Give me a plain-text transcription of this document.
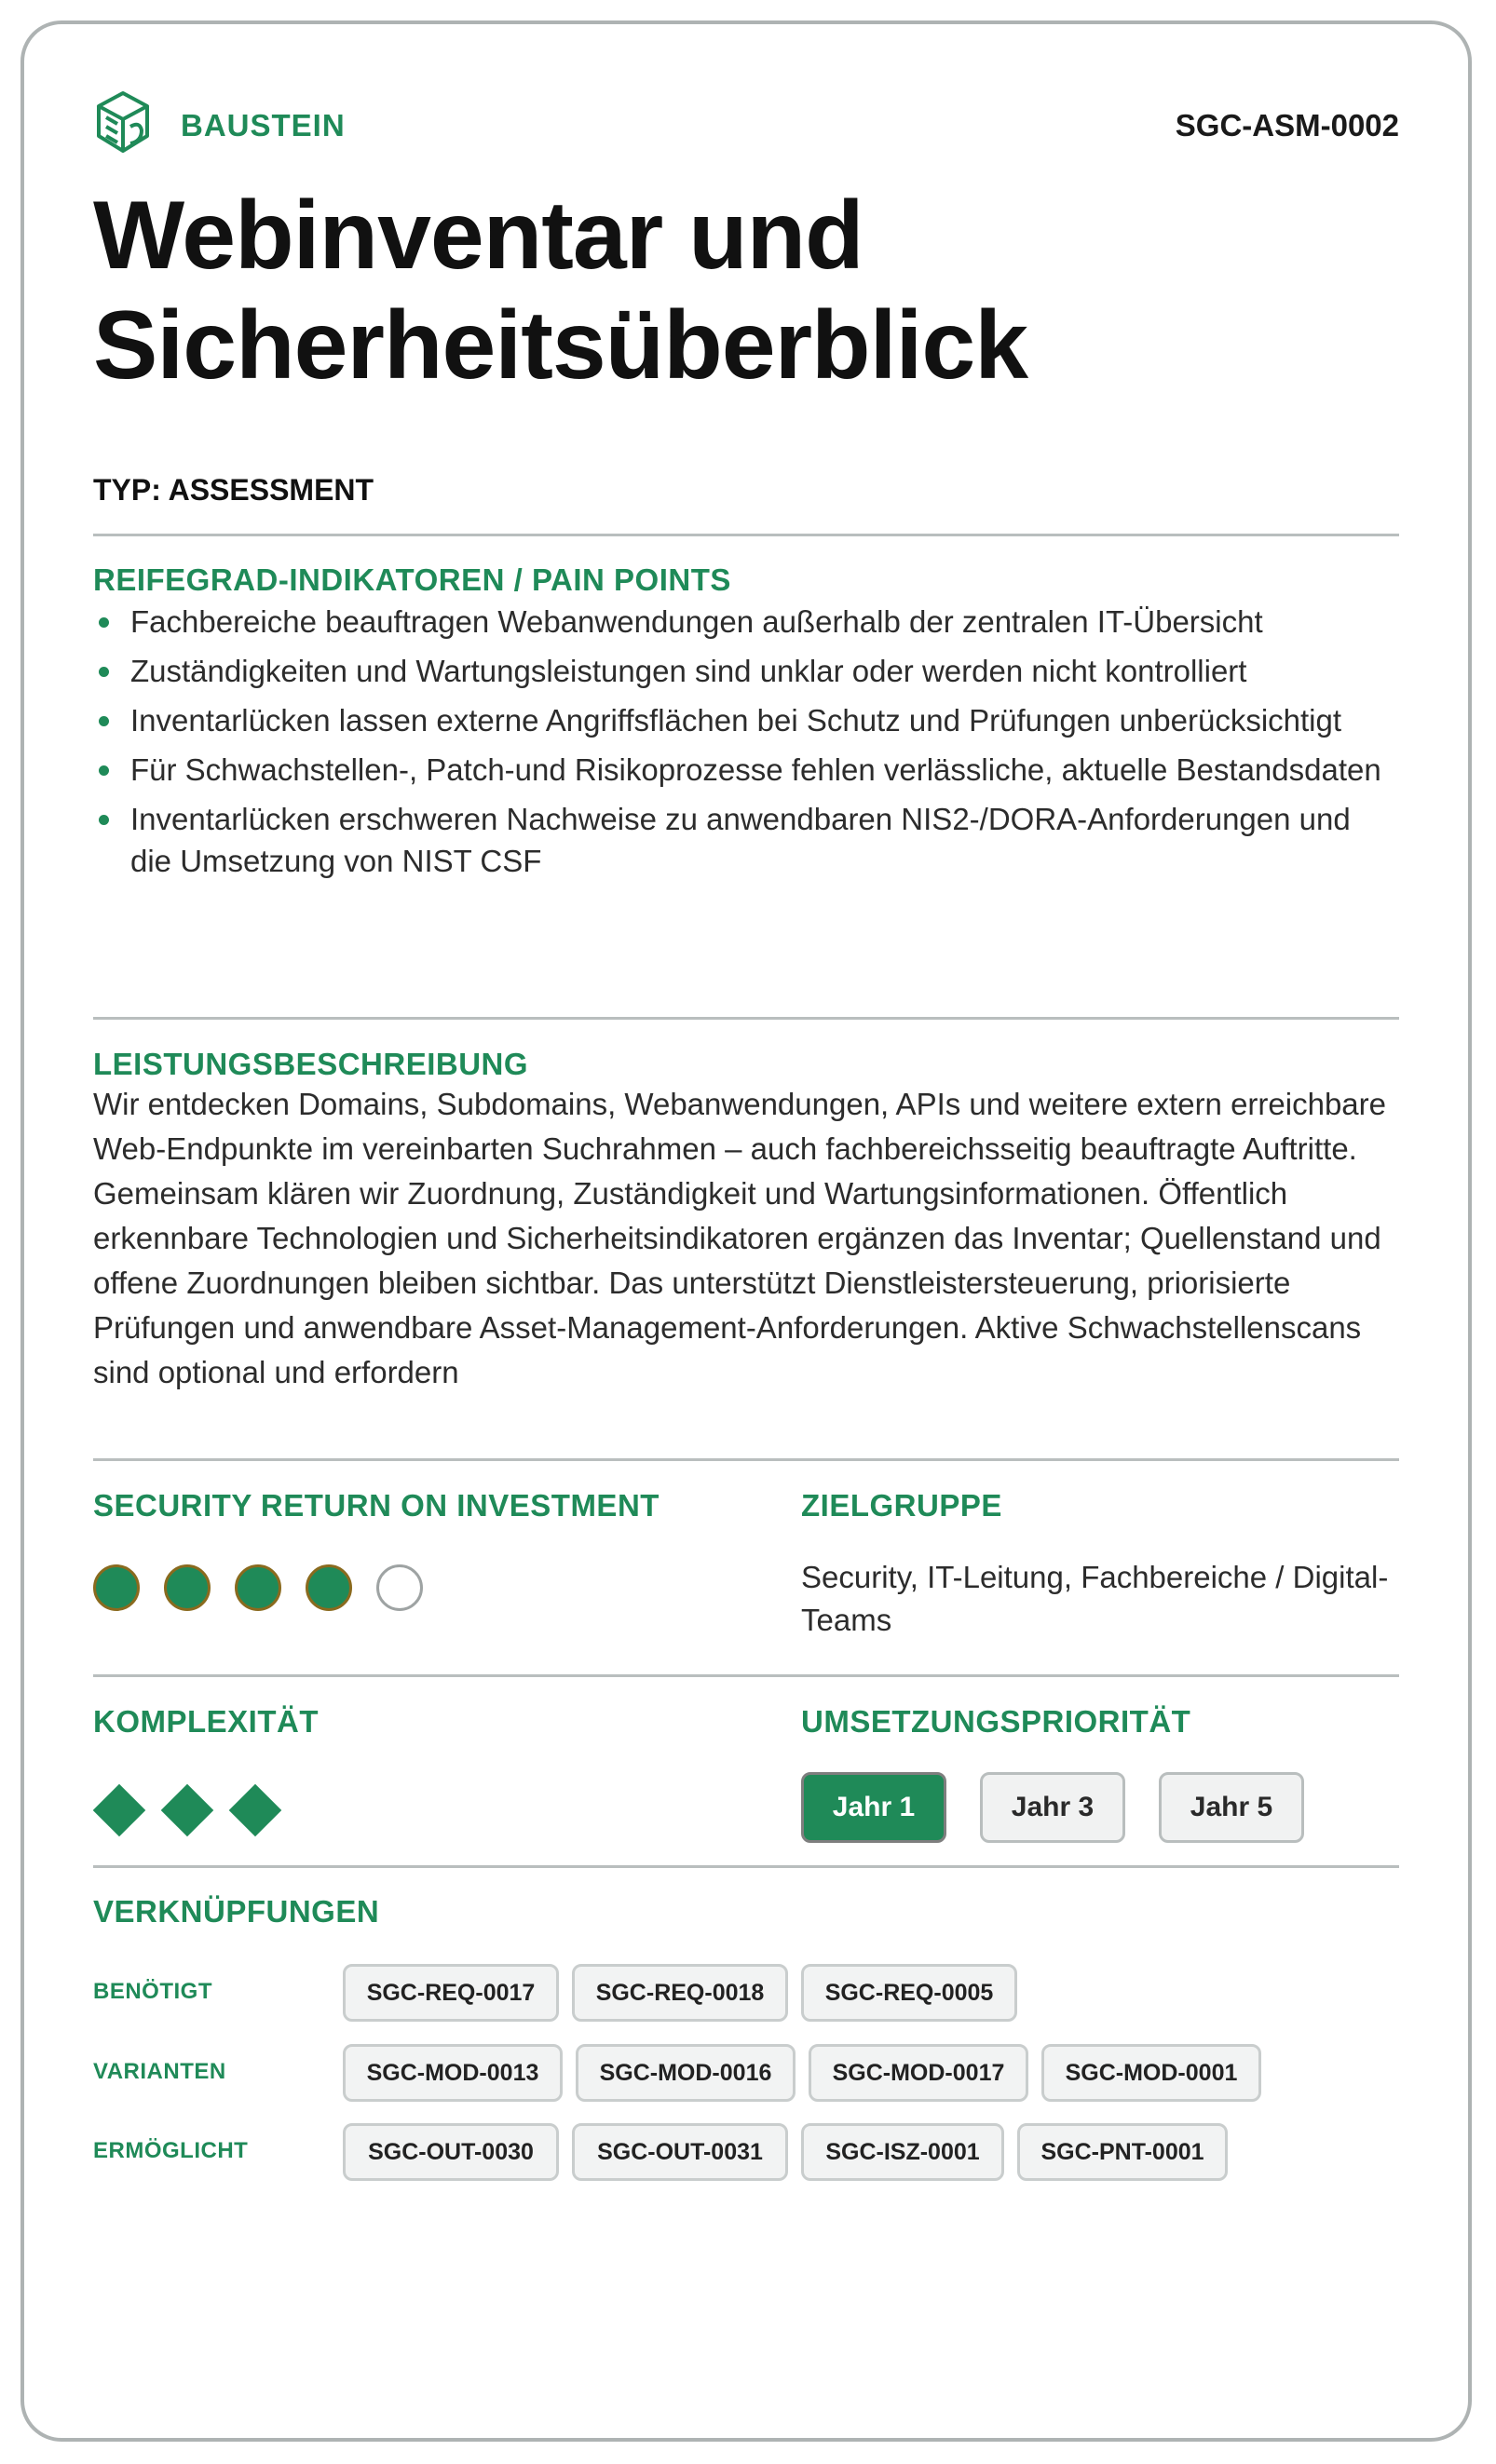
BAUSTEIN	SGC-ASM-0002
Webinventar und Sicherheitsüberblick
TYP: ASSESSMENT
REIFEGRAD-INDIKATOREN / PAIN POINTS
Fachbereiche beauftragen Webanwendungen außerhalb der zentralen IT-Übersicht
Zuständigkeiten und Wartungsleistungen sind unklar oder werden nicht kontrolliert
Inventarlücken lassen externe Angriffsflächen bei Schutz und Prüfungen unberücksichtigt
Für Schwachstellen-, Patch-und Risikoprozesse fehlen verlässliche, aktuelle Bestandsdaten
Inventarlücken erschweren Nachweise zu anwendbaren NIS2-/DORA-Anforderungen und die Umsetzung von NIST CSF
LEISTUNGSBESCHREIBUNG

Wir entdecken Domains, Subdomains, Webanwendungen, APIs und weitere extern erreichbare Web-Endpunkte im vereinbarten Suchrahmen – auch fachbereichsseitig beauftragte Auftritte. Gemeinsam klären wir Zuordnung, Zuständigkeit und Wartungsinformationen. Öffentlich erkennbare Technologien und Sicherheitsindikatoren ergänzen das Inventar; Quellenstand und offene Zuordnungen bleiben sichtbar. Das unterstützt Dienstleistersteuerung, priorisierte Prüfungen und anwendbare Asset-Management-Anforderungen. Aktive Schwachstellenscans sind optional und erfordern

SECURITY RETURN ON INVESTMENT	ZIELGRUPPE
Security, IT-Leitung, Fachbereiche / Digital-Teams
KOMPLEXITÄT	UMSETZUNGSPRIORITÄT
Jahr 1	Jahr 3	Jahr 5
VERKNÜPFUNGEN
BENÖTIGT	SGC-REQ-0017	SGC-REQ-0018	SGC-REQ-0005
VARIANTEN	SGC-MOD-0013	SGC-MOD-0016	SGC-MOD-0017	SGC-MOD-0001
ERMÖGLICHT	SGC-OUT-0030	SGC-OUT-0031	SGC-ISZ-0001	SGC-PNT-0001
